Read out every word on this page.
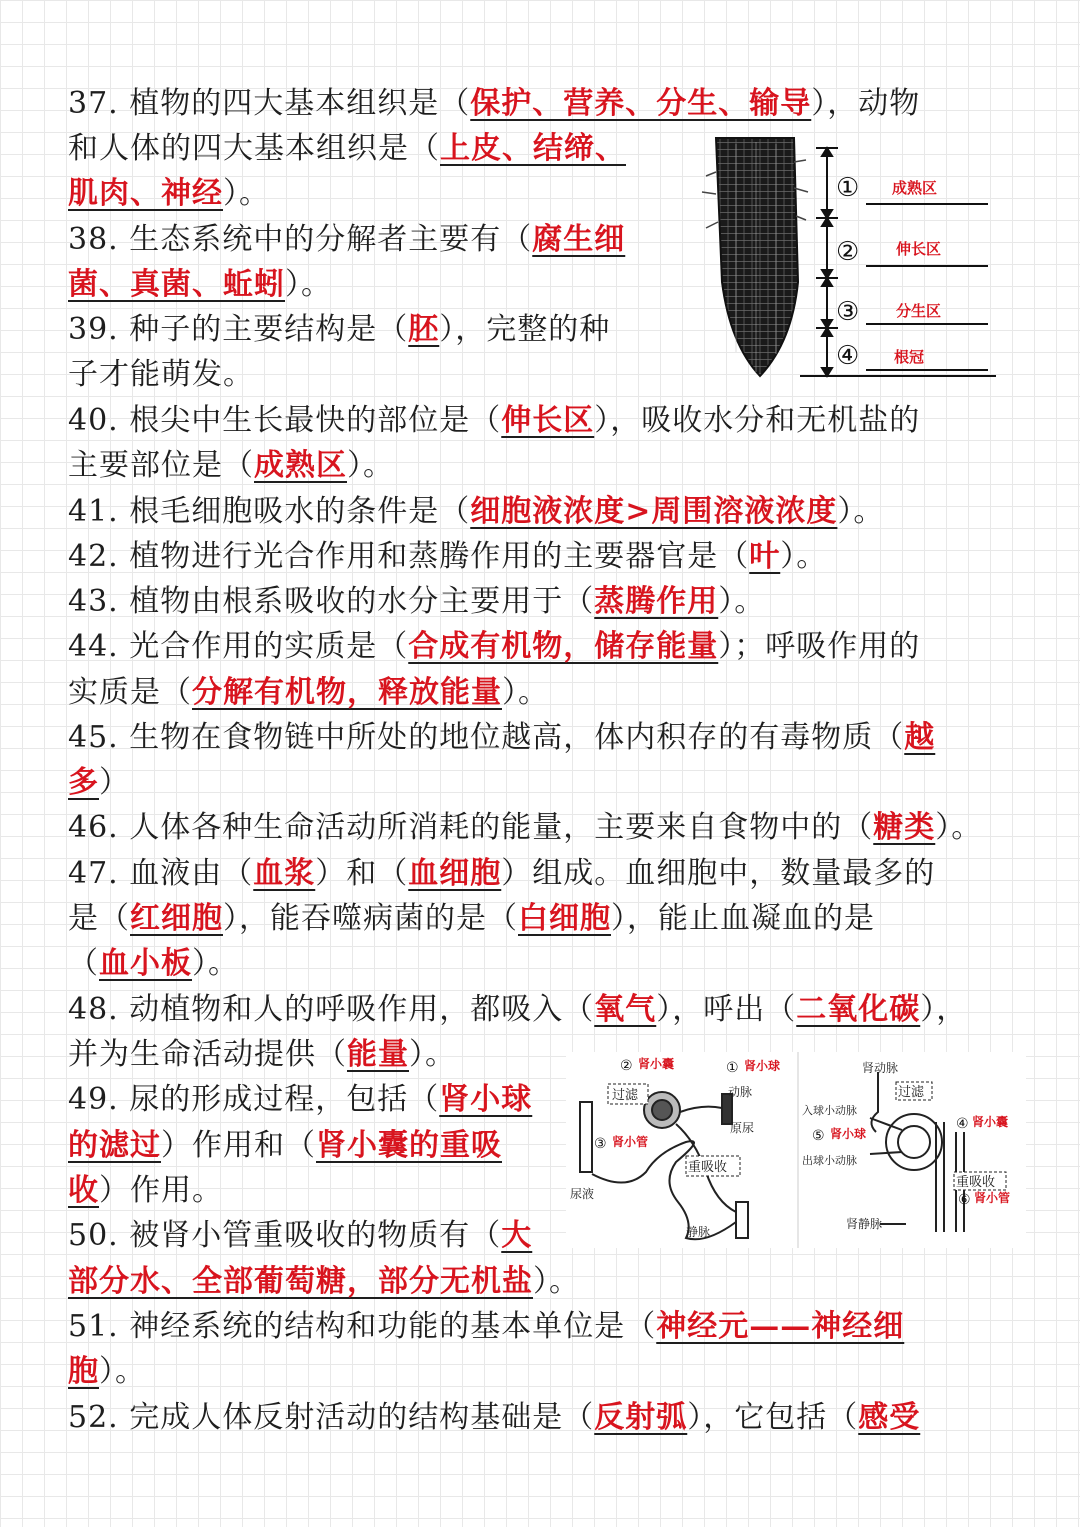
37. 植物的四大基本组织是（保护、营养、分生、输导），动物
和人体的四大基本组织是（上皮、结缔、
肌肉、神经）。
38. 生态系统中的分解者主要有（腐生细
菌、真菌、蚯蚓）。
39. 种子的主要结构是（胚），完整的种
子才能萌发。
40. 根尖中生长最快的部位是（伸长区），吸收水分和无机盐的
主要部位是（成熟区）。
41. 根毛细胞吸水的条件是（细胞液浓度>周围溶液浓度）。
42. 植物进行光合作用和蒸腾作用的主要器官是（叶）。
43. 植物由根系吸收的水分主要用于（蒸腾作用）。
44. 光合作用的实质是（合成有机物，储存能量）；呼吸作用的
实质是（分解有机物，释放能量）。
45. 生物在食物链中所处的地位越高，体内积存的有毒物质（越
多）
46. 人体各种生命活动所消耗的能量，主要来自食物中的（糖类）。
47. 血液由（血浆）和（血细胞）组成。血细胞中，数量最多的
是（红细胞），能吞噬病菌的是（白细胞），能止血凝血的是
（血小板）。
48. 动植物和人的呼吸作用，都吸入（氧气），呼出（二氧化碳），
并为生命活动提供（能量）。
49. 尿的形成过程，包括（肾小球
的滤过）作用和（肾小囊的重吸
收）作用。
50. 被肾小管重吸收的物质有（大
部分水、全部葡萄糖，部分无机盐）。
51. 神经系统的结构和功能的基本单位是（神经元——神经细
胞）。
52. 完成人体反射活动的结构基础是（反射弧），它包括（感受
① 成熟区
② 伸长区
③ 分生区
④ 根冠
过滤
重吸收
② 肾小囊	① 肾小球
③ 肾小管
动脉
原尿
尿液
静脉
过滤
重吸收
肾动脉
入球小动脉
④ 肾小囊
⑤ 肾小球
出球小动脉
⑥ 肾小管
肾静脉
